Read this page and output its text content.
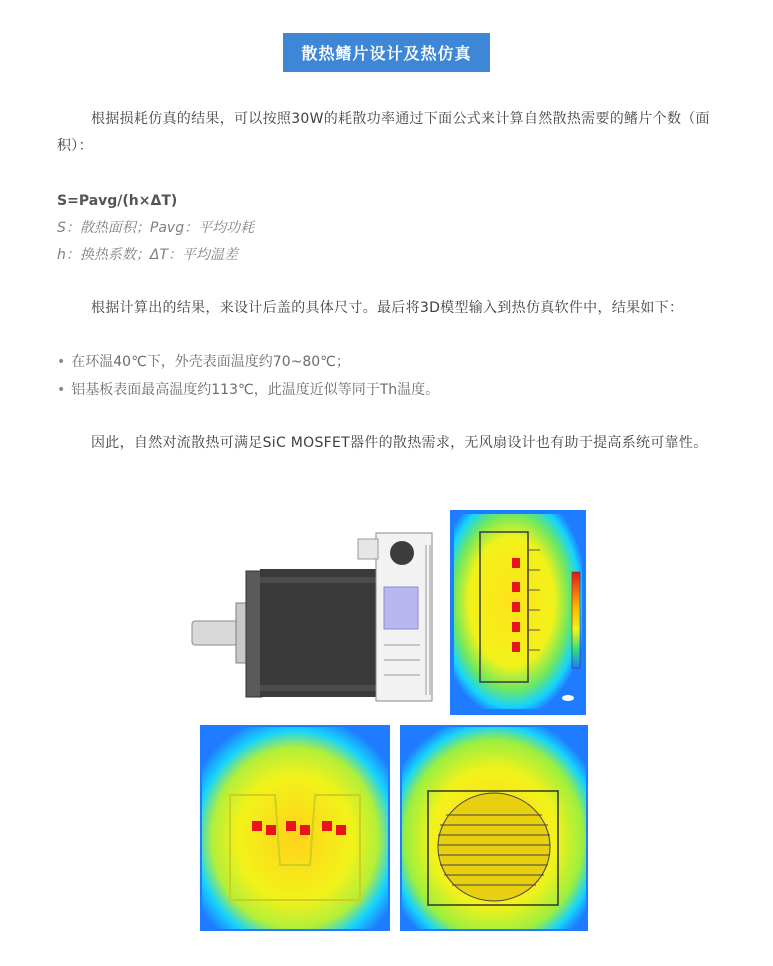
散热鳍片设计及热仿真
根据损耗仿真的结果，可以按照30W的耗散功率通过下面公式来计算自然散热需要的鳍片个数（面积）：
S=Pavg/(h×ΔT)
S：散热面积；Pavg：平均功耗
h：换热系数；ΔT：平均温差
根据计算出的结果，来设计后盖的具体尺寸。最后将3D模型输入到热仿真软件中，结果如下：
• 在环温40℃下，外壳表面温度约70~80℃；
• 铝基板表面最高温度约113℃，此温度近似等同于Th温度。
因此，自然对流散热可满足SiC MOSFET器件的散热需求，无风扇设计也有助于提高系统可靠性。
